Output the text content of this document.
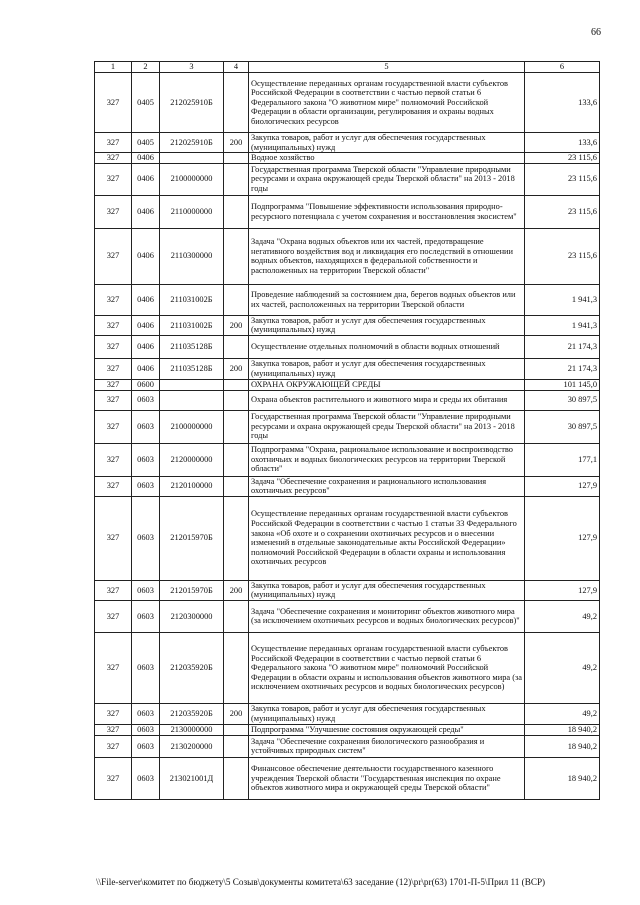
66
1	2	3	4	5	6
327	0405	212025910Б		Осуществление переданных органам государственной власти субъектов Российской Федерации в соответствии с частью первой статьи 6 Федерального закона "О животном мире" полномочий Российской Федерации в области организации, регулирования и охраны водных биологических ресурсов	133,6
327	0405	212025910Б	200	Закупка товаров, работ и услуг для обеспечения государственных (муниципальных) нужд	133,6
327	0406			Водное хозяйство	23 115,6
327	0406	2100000000		Государственная программа Тверской области "Управление природными ресурсами и охрана окружающей среды Тверской области" на 2013 - 2018 годы	23 115,6
327	0406	2110000000		Подпрограмма "Повышение эффективности использования природно-ресурсного потенциала с учетом сохранения и восстановления экосистем"	23 115,6
327	0406	2110300000		Задача "Охрана водных объектов или их частей, предотвращение негативного воздействия вод и ликвидация его последствий в отношении водных объектов, находящихся в федеральной собственности и расположенных на территории Тверской области"	23 115,6
327	0406	211031002Б		Проведение наблюдений за состоянием дна, берегов водных объектов или их частей, расположенных на территории Тверской области	1 941,3
327	0406	211031002Б	200	Закупка товаров, работ и услуг для обеспечения государственных (муниципальных) нужд	1 941,3
327	0406	211035128Б		Осуществление отдельных полномочий в области водных отношений	21 174,3
327	0406	211035128Б	200	Закупка товаров, работ и услуг для обеспечения государственных (муниципальных) нужд	21 174,3
327	0600			ОХРАНА ОКРУЖАЮЩЕЙ СРЕДЫ	101 145,0
327	0603			Охрана объектов растительного и животного мира и среды их обитания	30 897,5
327	0603	2100000000		Государственная программа Тверской области "Управление природными ресурсами и охрана окружающей среды Тверской области" на 2013 - 2018 годы	30 897,5
327	0603	2120000000		Подпрограмма "Охрана, рациональное использование и воспроизводство охотничьих и водных биологических ресурсов на территории Тверской области"	177,1
327	0603	2120100000		Задача "Обеспечение сохранения и рационального использования охотничьих ресурсов"	127,9
327	0603	212015970Б		Осуществление переданных органам государственной власти субъектов Российской Федерации в соответствии с частью 1 статьи 33 Федерального закона «Об охоте и о сохранении охотничьих ресурсов и о внесении изменений в отдельные законодательные акты Российской Федерации» полномочий Российской Федерации в области охраны и использования охотничьих ресурсов	127,9
327	0603	212015970Б	200	Закупка товаров, работ и услуг для обеспечения государственных (муниципальных) нужд	127,9
327	0603	2120300000		Задача "Обеспечение сохранения и мониторинг объектов животного мира (за исключением охотничьих ресурсов и водных биологических ресурсов)"	49,2
327	0603	212035920Б		Осуществление переданных органам государственной власти субъектов Российской Федерации в соответствии с частью первой статьи 6 Федерального закона "О животном мире" полномочий Российской Федерации в области охраны и использования объектов животного мира (за исключением охотничьих ресурсов и водных биологических ресурсов)	49,2
327	0603	212035920Б	200	Закупка товаров, работ и услуг для обеспечения государственных (муниципальных) нужд	49,2
327	0603	2130000000		Подпрограмма "Улучшение состояния окружающей среды"	18 940,2
327	0603	2130200000		Задача "Обеспечение сохранения биологического разнообразия и устойчивых природных систем"	18 940,2
327	0603	213021001Д		Финансовое обеспечение деятельности государственного казенного учреждения Тверской области "Государственная инспекция по охране объектов животного мира и окружающей среды Тверской области"	18 940,2
\\File-server\комитет по бюджету\5 Созыв\документы комитета\63 заседание (12)\pr\pr(63) 1701-П-5\Прил 11 (ВСР)
